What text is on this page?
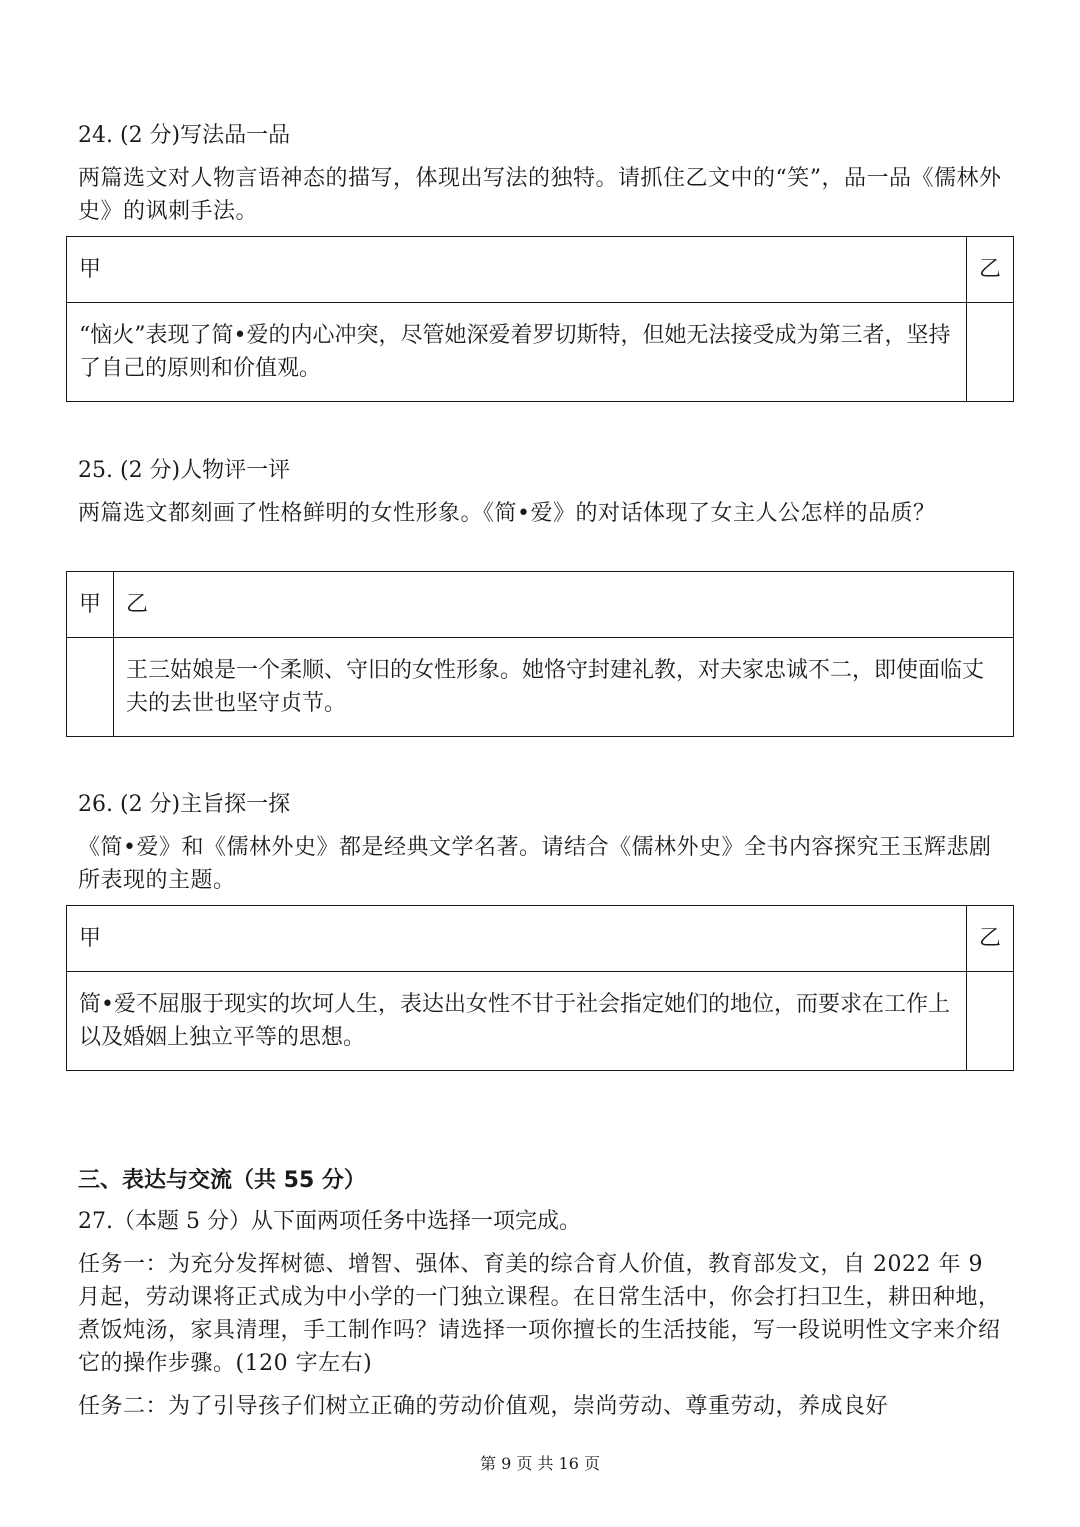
24. (2 分)写法品一品
两篇选文对人物言语神态的描写，体现出写法的独特。请抓住乙文中的“笑”，品一品《儒林外史》的讽刺手法。
甲	乙
“恼火”表现了简•爱的内心冲突，尽管她深爱着罗切斯特，但她无法接受成为第三者，坚持了自己的原则和价值观。	
25. (2 分)人物评一评
两篇选文都刻画了性格鲜明的女性形象。《简•爱》的对话体现了女主人公怎样的品质？
甲	乙
	王三姑娘是一个柔顺、守旧的女性形象。她恪守封建礼教，对夫家忠诚不二，即使面临丈夫的去世也坚守贞节。
26. (2 分)主旨探一探
《简•爱》和《儒林外史》都是经典文学名著。请结合《儒林外史》全书内容探究王玉辉悲剧所表现的主题。
甲	乙
简•爱不屈服于现实的坎坷人生，表达出女性不甘于社会指定她们的地位，而要求在工作上以及婚姻上独立平等的思想。	
三、表达与交流（共 55 分）
27.（本题 5 分）从下面两项任务中选择一项完成。
任务一：为充分发挥树德、增智、强体、育美的综合育人价值，教育部发文，自 2022 年 9 月起，劳动课将正式成为中小学的一门独立课程。在日常生活中，你会打扫卫生，耕田种地，煮饭炖汤，家具清理，手工制作吗？请选择一项你擅长的生活技能，写一段说明性文字来介绍它的操作步骤。(120 字左右)
任务二：为了引导孩子们树立正确的劳动价值观，崇尚劳动、尊重劳动，养成良好
第 9 页 共 16 页
